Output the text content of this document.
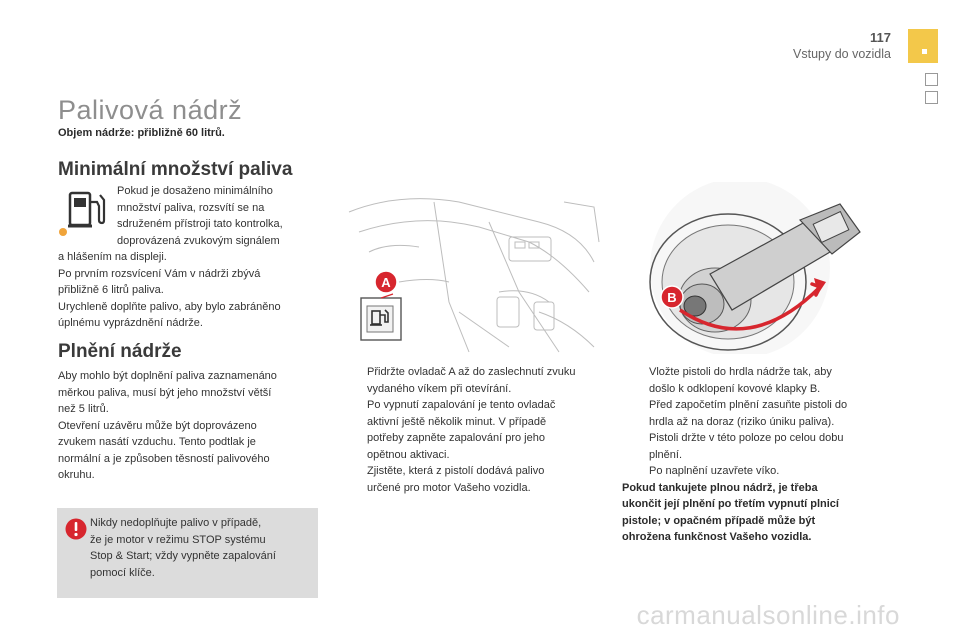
117
Vstupy do vozidla
Palivová nádrž
Objem nádrže: přibližně 60 litrů.
Minimální množství paliva
Pokud je dosaženo minimálního
množství paliva, rozsvítí se na
sdruženém přístroji tato kontrolka,
doprovázená zvukovým signálem
a hlášením na displeji.
Po prvním rozsvícení Vám v nádrži zbývá
přibližně 6 litrů paliva.
Urychleně doplňte palivo, aby bylo zabráněno
úplnému vyprázdnění nádrže.
Plnění nádrže
Aby mohlo být doplnění paliva zaznamenáno
měrkou paliva, musí být jeho množství větší
než 5 litrů.
Otevření uzávěru může být doprovázeno
zvukem nasátí vzduchu. Tento podtlak je
normální a je způsoben těsností palivového
okruhu.
Nikdy nedoplňujte palivo v případě,
že je motor v režimu STOP systému
Stop & Start; vždy vypněte zapalování
pomocí klíče.
A
B
Přidržte ovladač A až do zaslechnutí zvuku
vydaného víkem při otevírání.
Po vypnutí zapalování je tento ovladač
aktivní ještě několik minut. V případě
potřeby zapněte zapalování pro jeho
opětnou aktivaci.
Zjistěte, která z pistolí dodává palivo
určené pro motor Vašeho vozidla.
Vložte pistoli do hrdla nádrže tak, aby
došlo k odklopení kovové klapky B.
Před započetím plnění zasuňte pistoli do
hrdla až na doraz (riziko úniku paliva).
Pistoli držte v této poloze po celou dobu
plnění.
Po naplnění uzavřete víko.
Pokud tankujete plnou nádrž, je třeba
ukončit její plnění po třetím vypnutí plnicí
pistole; v opačném případě může být
ohrožena funkčnost Vašeho vozidla.
carmanualsonline.info
